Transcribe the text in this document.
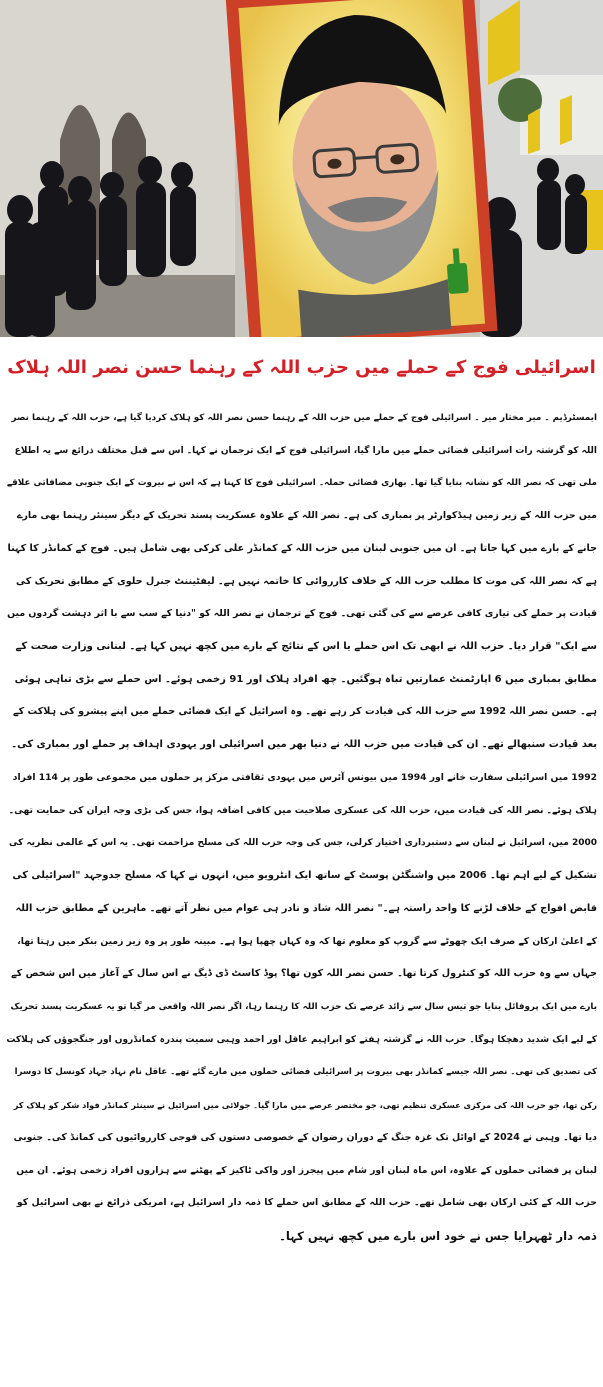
اسرائیلی فوج کے حملے میں حزب اللہ کے رہنما حسن نصر اللہ ہلاک
ایمسٹرڈیم ۔ میر مختار میر ۔ اسرائیلی فوج کے حملے میں حزب اللہ کے رہنما حسن نصر اللہ کو ہلاک کردیا گیا ہے، حزب اللہ کے رہنما نصر
اللہ کو گزشتہ رات اسرائیلی فضائی حملے میں مارا گیا، اسرائیلی فوج کے ایک ترجمان نے کہا۔ اس سے قبل مختلف ذرائع سے یہ اطلاع
ملی تھی کہ نصر اللہ کو نشانہ بنایا گیا تھا۔ بھاری فضائی حملہ۔ اسرائیلی فوج کا کہنا ہے کہ اس نے بیروت کے ایک جنوبی مضافاتی علاقے
میں حزب اللہ کے زیر زمین ہیڈکوارٹر پر بمباری کی ہے۔ نصر اللہ کے علاوہ عسکریت پسند تحریک کے دیگر سینئر رہنما بھی مارے
جانے کے بارے میں کہا جاتا ہے۔ ان میں جنوبی لبنان میں حزب اللہ کے کمانڈر علی کرکی بھی شامل ہیں۔ فوج کے کمانڈر کا کہنا
ہے کہ نصر اللہ کی موت کا مطلب حزب اللہ کے خلاف کارروائی کا خاتمہ نہیں ہے۔ لیفٹیننٹ جنرل حلوی کے مطابق تحریک کی
قیادت پر حملے کی تیاری کافی عرصے سے کی گئی تھی۔ فوج کے ترجمان نے نصر اللہ کو "دنیا کے سب سے با اثر دہشت گردوں میں
سے ایک" قرار دیا۔ حزب اللہ نے ابھی تک اس حملے یا اس کے نتائج کے بارے میں کچھ نہیں کہا ہے۔ لبنانی وزارت صحت کے
مطابق بمباری میں 6 اپارٹمنٹ عمارتیں تباہ ہوگئیں۔ چھ افراد ہلاک اور 91 زخمی ہوئے۔ اس حملے سے بڑی تباہی ہوئی
ہے۔ حسن نصر اللہ 1992 سے حزب اللہ کی قیادت کر رہے تھے۔ وہ اسرائیل کے ایک فضائی حملے میں اپنے پیشرو کی ہلاکت کے
بعد قیادت سنبھالے تھے۔ ان کی قیادت میں حزب اللہ نے دنیا بھر میں اسرائیلی اور یہودی اہداف پر حملے اور بمباری کی۔
1992 میں اسرائیلی سفارت خانے اور 1994 میں بیونس آئرس میں یہودی ثقافتی مرکز پر حملوں میں مجموعی طور پر 114 افراد
ہلاک ہوئے۔ نصر اللہ کی قیادت میں، حزب اللہ کی عسکری صلاحیت میں کافی اضافہ ہوا، جس کی بڑی وجہ ایران کی حمایت تھی۔
2000 میں، اسرائیل نے لبنان سے دستبرداری اختیار کرلی، جس کی وجہ حزب اللہ کی مسلح مزاحمت تھی۔ یہ اس کے عالمی نظریہ کی
تشکیل کے لیے اہم تھا۔ 2006 میں واشنگٹن پوسٹ کے ساتھ ایک انٹرویو میں، انہوں نے کہا کہ مسلح جدوجہد "اسرائیلی کی
قابض افواج کے خلاف لڑنے کا واحد راستہ ہے۔" نصر اللہ شاذ و نادر ہی عوام میں نظر آتے تھے۔ ماہرین کے مطابق حزب اللہ
کے اعلیٰ ارکان کے صرف ایک چھوٹے سے گروپ کو معلوم تھا کہ وہ کہاں چھپا ہوا ہے۔ مبینہ طور پر وہ زیر زمین بنکر میں رہتا تھا،
جہاں سے وہ حزب اللہ کو کنٹرول کرتا تھا۔ حسن نصر اللہ کون تھا؟ پوڈ کاسٹ ڈی ڈیگ نے اس سال کے آغاز میں اس شخص کے
بارے میں ایک پروفائل بنایا جو تیس سال سے زائد عرصے تک حزب اللہ کا رہنما رہا، اگر نصر اللہ واقعی مر گیا تو یہ عسکریت پسند تحریک
کے لیے ایک شدید دھچکا ہوگا۔ حزب اللہ نے گزشتہ ہفتے کو ابراہیم عاقل اور احمد وہبی سمیت پندرہ کمانڈروں اور جنگجوؤں کی ہلاکت
کی تصدیق کی تھی۔ نصر اللہ جیسے کمانڈر بھی بیروت پر اسرائیلی فضائی حملوں میں مارے گئے تھے۔ عاقل نام نہاد جہاد کونسل کا دوسرا
رکن تھا، جو حزب اللہ کی مرکزی عسکری تنظیم تھی، جو مختصر عرصے میں مارا گیا۔ جولائی میں اسرائیل نے سینئر کمانڈر فواد شکر کو ہلاک کر
دیا تھا۔ وہبی نے 2024 کے اوائل تک غزہ جنگ کے دوران رضوان کے خصوصی دستوں کی فوجی کارروائیوں کی کمانڈ کی۔ جنوبی
لبنان پر فضائی حملوں کے علاوہ، اس ماہ لبنان اور شام میں پیجرز اور واکی ٹاکیز کے پھٹنے سے ہزاروں افراد زخمی ہوئے۔ ان میں
حزب اللہ کے کئی ارکان بھی شامل تھے۔ حزب اللہ کے مطابق اس حملے کا ذمہ دار اسرائیل ہے، امریکی ذرائع نے بھی اسرائیل کو
ذمہ دار ٹھہرایا جس نے خود اس بارے میں کچھ نہیں کہا۔
